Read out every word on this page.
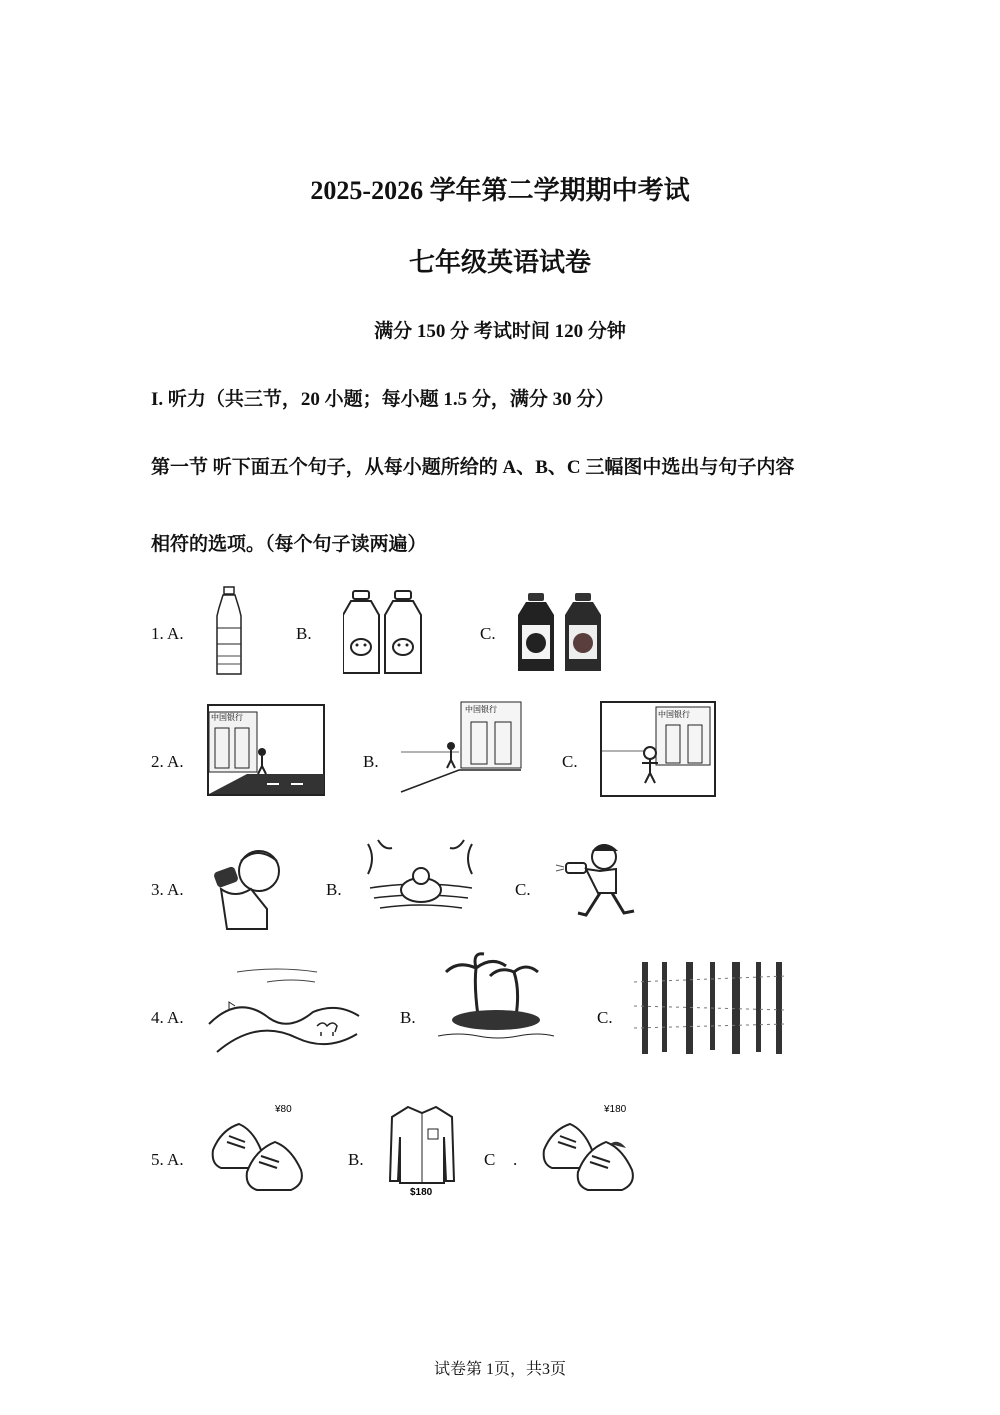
2025-2026 学年第二学期期中考试
七年级英语试卷
满分 150 分 考试时间 120 分钟
I. 听力（共三节，20 小题；每小题 1.5 分，满分 30 分）
第一节 听下面五个句子，从每小题所给的 A、B、C 三幅图中选出与句子内容
相符的选项。（每个句子读两遍）
1. A.	B.	C.
2. A.
中国银行
B.
中国银行
C.
中国银行
3. A.	B.	C.
4. A.	B.	C.
5. A.
¥80
B.
$180
C .
¥180
试卷第 1页，共3页
